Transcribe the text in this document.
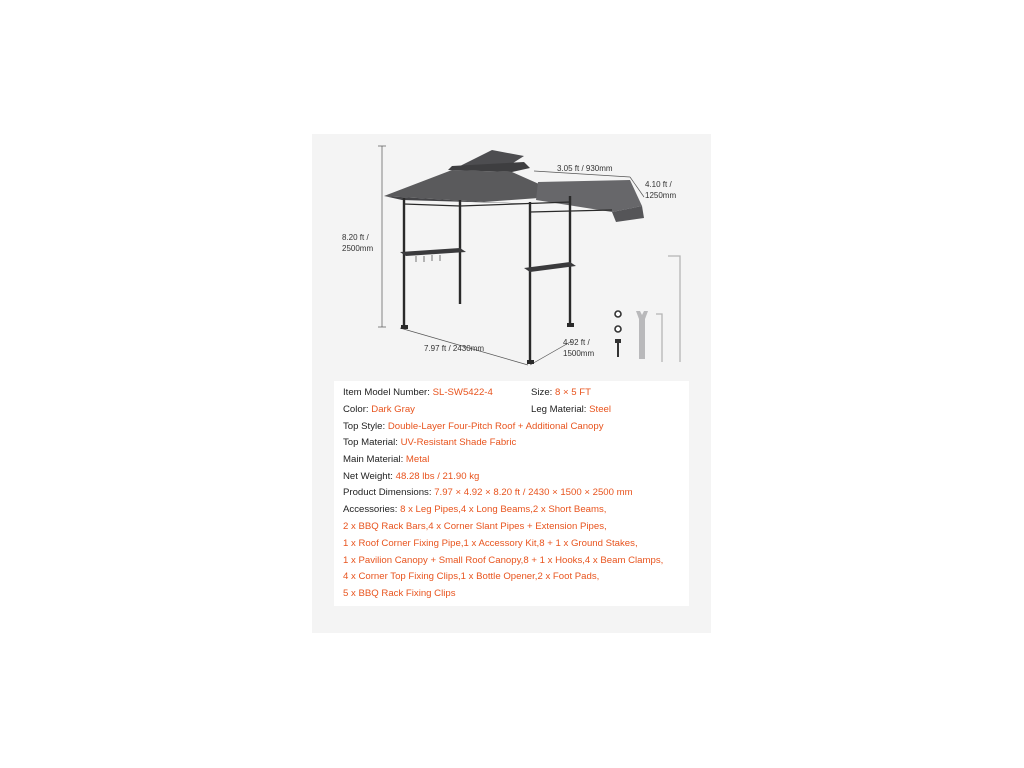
3.05 ft / 930mm
4.10 ft /
1250mm
8.20 ft /
2500mm
7.97 ft / 2430mm
4.92 ft /
1500mm
Item Model Number: SL-SW5422-4	Size: 8 × 5 FT
Color: Dark Gray	Leg Material: Steel
Top Style: Double-Layer Four-Pitch Roof + Additional Canopy
Top Material: UV-Resistant Shade Fabric
Main Material: Metal
Net Weight: 48.28 lbs / 21.90 kg
Product Dimensions: 7.97 × 4.92 × 8.20 ft / 2430 × 1500 × 2500 mm
Accessories: 8 x Leg Pipes,4 x Long Beams,2 x Short Beams,
2 x BBQ Rack Bars,4 x Corner Slant Pipes + Extension Pipes,
1 x Roof Corner Fixing Pipe,1 x Accessory Kit,8 + 1 x Ground Stakes,
1 x Pavilion Canopy + Small Roof Canopy,8 + 1 x Hooks,4 x Beam Clamps,
4 x Corner Top Fixing Clips,1 x Bottle Opener,2 x Foot Pads,
5 x BBQ Rack Fixing Clips
